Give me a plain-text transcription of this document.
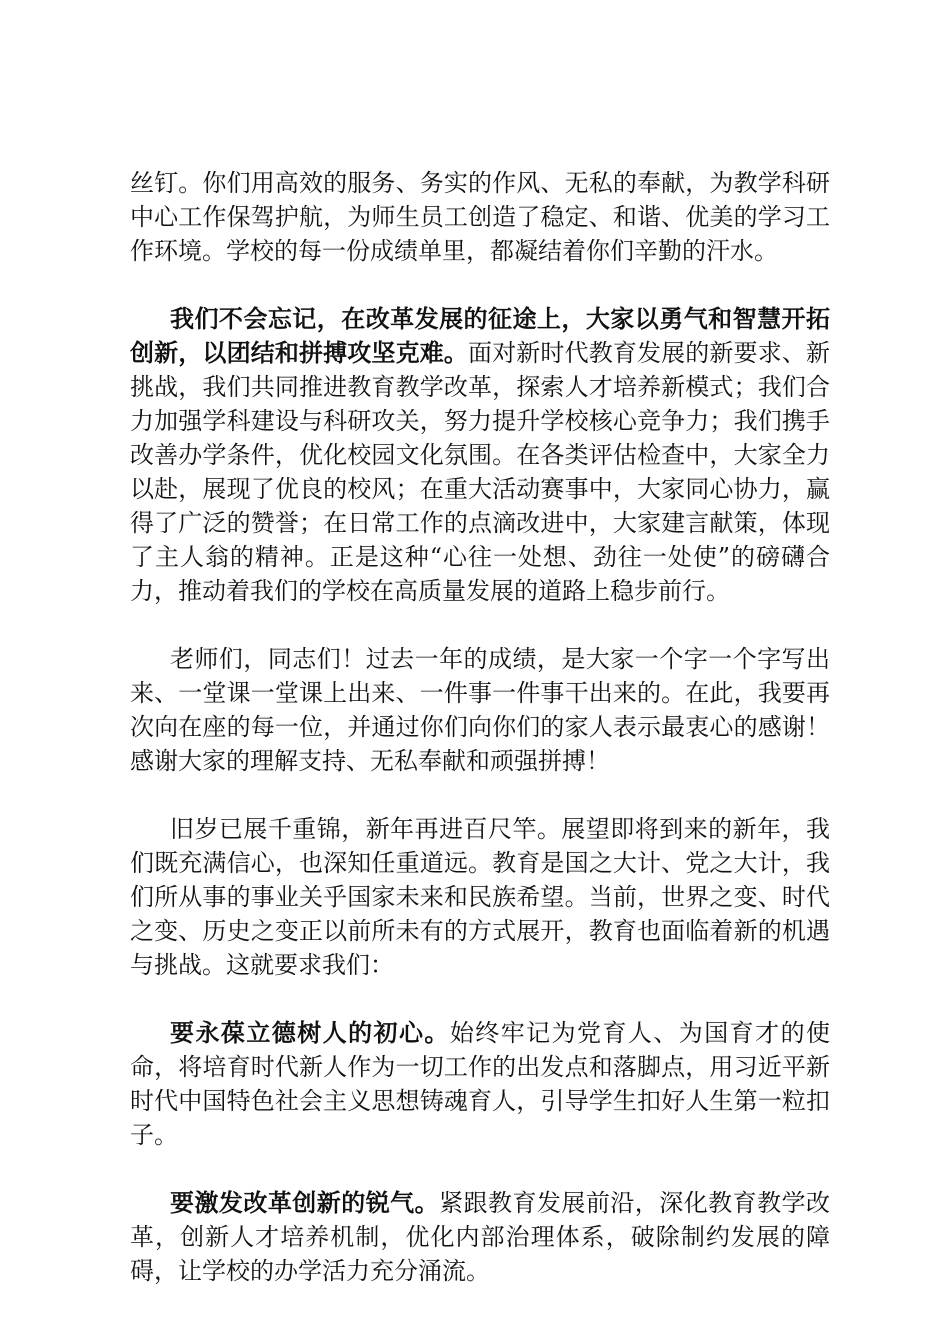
丝钉。你们用高效的服务、务实的作风、无私的奉献，为教学科研中心工作保驾护航，为师生员工创造了稳定、和谐、优美的学习工作环境。学校的每一份成绩单里，都凝结着你们辛勤的汗水。

我们不会忘记，在改革发展的征途上，大家以勇气和智慧开拓创新，以团结和拼搏攻坚克难。面对新时代教育发展的新要求、新挑战，我们共同推进教育教学改革，探索人才培养新模式；我们合力加强学科建设与科研攻关，努力提升学校核心竞争力；我们携手改善办学条件，优化校园文化氛围。在各类评估检查中，大家全力以赴，展现了优良的校风；在重大活动赛事中，大家同心协力，赢得了广泛的赞誉；在日常工作的点滴改进中，大家建言献策，体现了主人翁的精神。正是这种“心往一处想、劲往一处使”的磅礴合力，推动着我们的学校在高质量发展的道路上稳步前行。

老师们，同志们！过去一年的成绩，是大家一个字一个字写出来、一堂课一堂课上出来、一件事一件事干出来的。在此，我要再次向在座的每一位，并通过你们向你们的家人表示最衷心的感谢！感谢大家的理解支持、无私奉献和顽强拼搏！

旧岁已展千重锦，新年再进百尺竿。展望即将到来的新年，我们既充满信心，也深知任重道远。教育是国之大计、党之大计，我们所从事的事业关乎国家未来和民族希望。当前，世界之变、时代之变、历史之变正以前所未有的方式展开，教育也面临着新的机遇与挑战。这就要求我们：

要永葆立德树人的初心。始终牢记为党育人、为国育才的使命，将培育时代新人作为一切工作的出发点和落脚点，用习近平新时代中国特色社会主义思想铸魂育人，引导学生扣好人生第一粒扣子。

要激发改革创新的锐气。紧跟教育发展前沿，深化教育教学改革，创新人才培养机制，优化内部治理体系，破除制约发展的障碍，让学校的办学活力充分涌流。
